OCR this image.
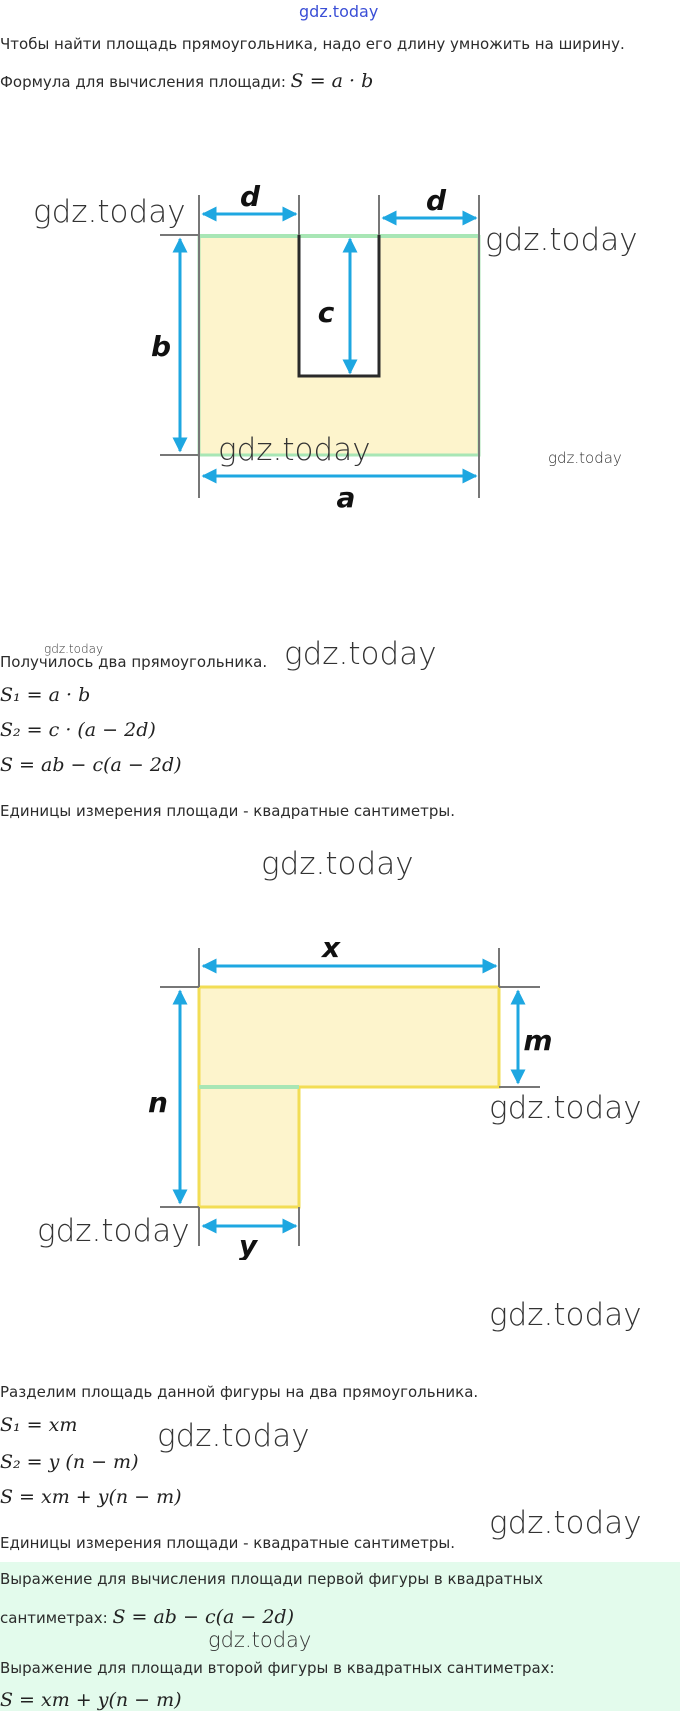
gdz.today
Чтобы найти площадь прямоугольника, надо его длину умножить на ширину.
Формула для вычисления площади: S = a · b
d	d
b
c
a
gdz.today
gdz.today
gdz.today	gdz.today
gdz.today
Получилось два прямоугольника. gdz.today
S₁ = a · b
S₂ = c · (a − 2d)
S = ab − c(a − 2d)
Единицы измерения площади - квадратные сантиметры.
gdz.today
x
m
n
y
gdz.today
gdz.today
gdz.today
Разделим площадь данной фигуры на два прямоугольника.
S₁ = xm	gdz.today
S₂ = y (n − m)
S = xm + y(n − m)
gdz.today
Единицы измерения площади - квадратные сантиметры.
Выражение для вычисления площади первой фигуры в квадратных
сантиметрах: S = ab − c(a − 2d)
gdz.today
Выражение для площади второй фигуры в квадратных сантиметрах:
S = xm + y(n − m)
